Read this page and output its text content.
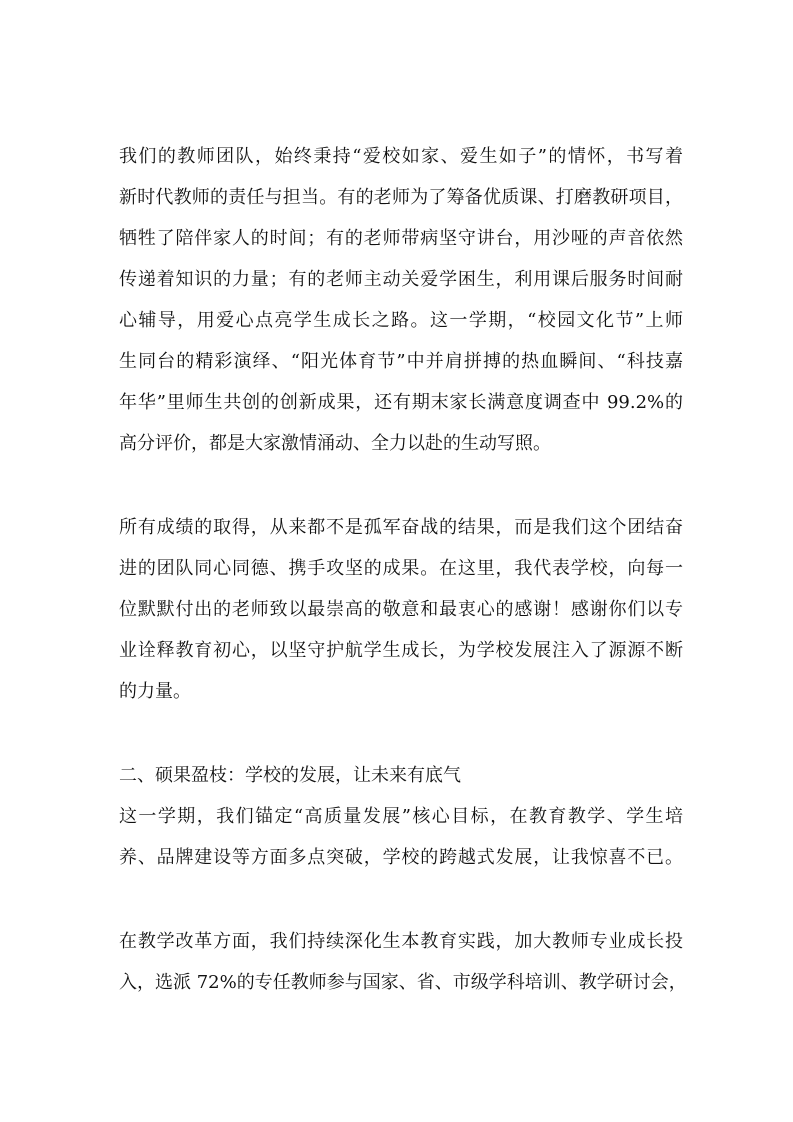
我们的教师团队，始终秉持“爱校如家、爱生如子”的情怀，书写着
新时代教师的责任与担当。有的老师为了筹备优质课、打磨教研项目，
牺牲了陪伴家人的时间；有的老师带病坚守讲台，用沙哑的声音依然
传递着知识的力量；有的老师主动关爱学困生，利用课后服务时间耐
心辅导，用爱心点亮学生成长之路。这一学期，“校园文化节”上师
生同台的精彩演绎、“阳光体育节”中并肩拼搏的热血瞬间、“科技嘉
年华”里师生共创的创新成果，还有期末家长满意度调查中 99.2%的
高分评价，都是大家激情涌动、全力以赴的生动写照。
所有成绩的取得，从来都不是孤军奋战的结果，而是我们这个团结奋
进的团队同心同德、携手攻坚的成果。在这里，我代表学校，向每一
位默默付出的老师致以最崇高的敬意和最衷心的感谢！感谢你们以专
业诠释教育初心，以坚守护航学生成长，为学校发展注入了源源不断
的力量。
二、硕果盈枝：学校的发展，让未来有底气
这一学期，我们锚定“高质量发展”核心目标，在教育教学、学生培
养、品牌建设等方面多点突破，学校的跨越式发展，让我惊喜不已。
在教学改革方面，我们持续深化生本教育实践，加大教师专业成长投
入，选派 72%的专任教师参与国家、省、市级学科培训、教学研讨会，
